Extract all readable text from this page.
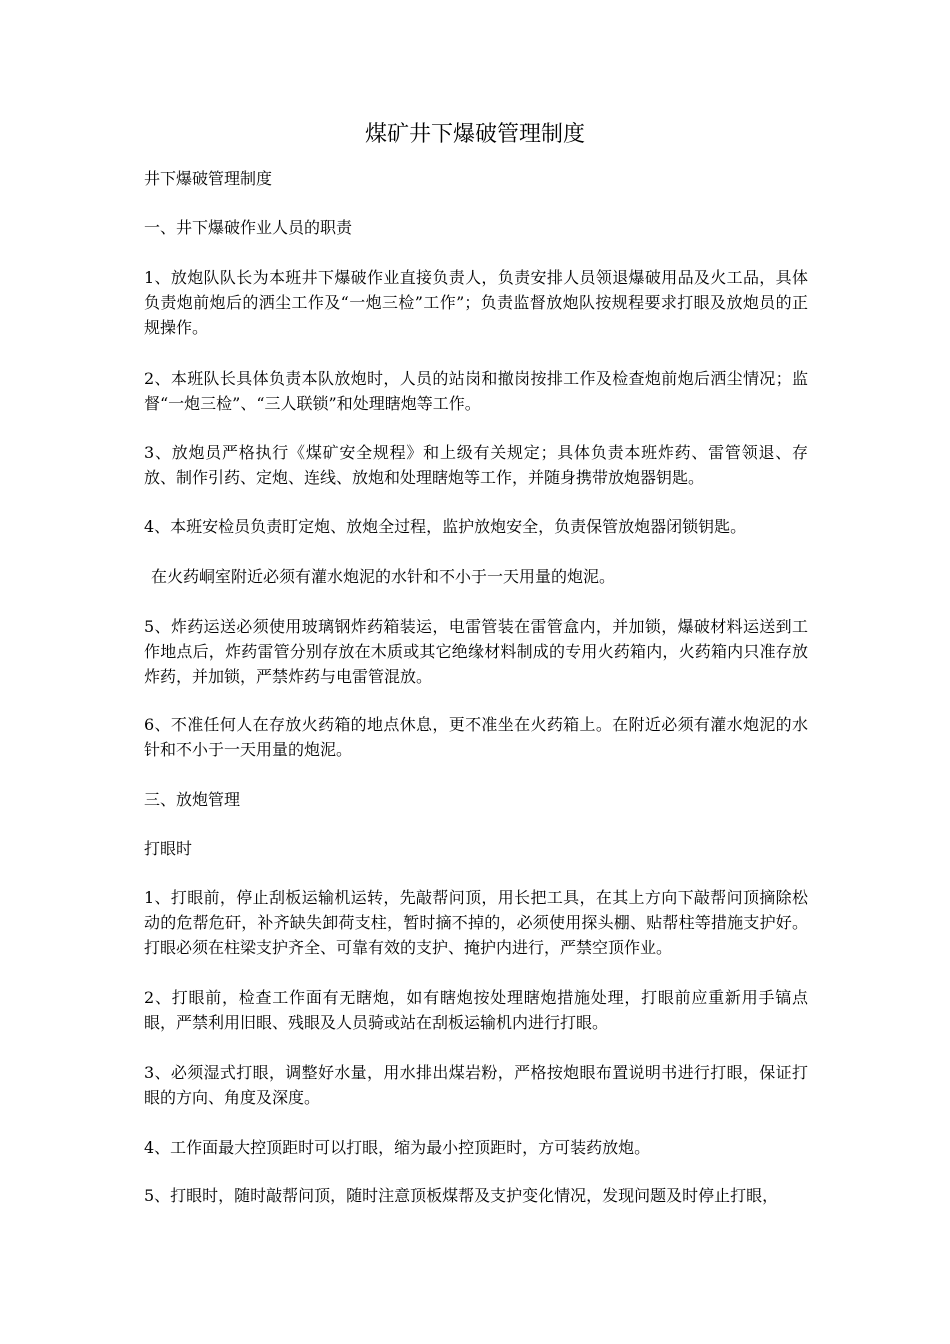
煤矿井下爆破管理制度
井下爆破管理制度
一、井下爆破作业人员的职责
1、放炮队队长为本班井下爆破作业直接负责人，负责安排人员领退爆破用品及火工品，具体负责炮前炮后的洒尘工作及“一炮三检”工作”；负责监督放炮队按规程要求打眼及放炮员的正规操作。
2、本班队长具体负责本队放炮时，人员的站岗和撤岗按排工作及检查炮前炮后洒尘情况；监督“一炮三检”、“三人联锁”和处理瞎炮等工作。
3、放炮员严格执行《煤矿安全规程》和上级有关规定；具体负责本班炸药、雷管领退、存放、制作引药、定炮、连线、放炮和处理瞎炮等工作，并随身携带放炮器钥匙。
4、本班安检员负责盯定炮、放炮全过程，监护放炮安全，负责保管放炮器闭锁钥匙。
在火药峒室附近必须有灌水炮泥的水针和不小于一天用量的炮泥。
5、炸药运送必须使用玻璃钢炸药箱装运，电雷管装在雷管盒内，并加锁，爆破材料运送到工作地点后，炸药雷管分别存放在木质或其它绝缘材料制成的专用火药箱内，火药箱内只准存放炸药，并加锁，严禁炸药与电雷管混放。
6、不准任何人在存放火药箱的地点休息，更不准坐在火药箱上。在附近必须有灌水炮泥的水针和不小于一天用量的炮泥。
三、放炮管理
打眼时
1、打眼前，停止刮板运输机运转，先敲帮问顶，用长把工具，在其上方向下敲帮问顶摘除松动的危帮危矸，补齐缺失卸荷支柱，暂时摘不掉的，必须使用探头棚、贴帮柱等措施支护好。打眼必须在柱梁支护齐全、可靠有效的支护、掩护内进行，严禁空顶作业。
2、打眼前，检查工作面有无瞎炮，如有瞎炮按处理瞎炮措施处理，打眼前应重新用手镐点眼，严禁利用旧眼、残眼及人员骑或站在刮板运输机内进行打眼。
3、必须湿式打眼，调整好水量，用水排出煤岩粉，严格按炮眼布置说明书进行打眼，保证打眼的方向、角度及深度。
4、工作面最大控顶距时可以打眼，缩为最小控顶距时，方可装药放炮。
5、打眼时，随时敲帮问顶，随时注意顶板煤帮及支护变化情况，发现问题及时停止打眼，
